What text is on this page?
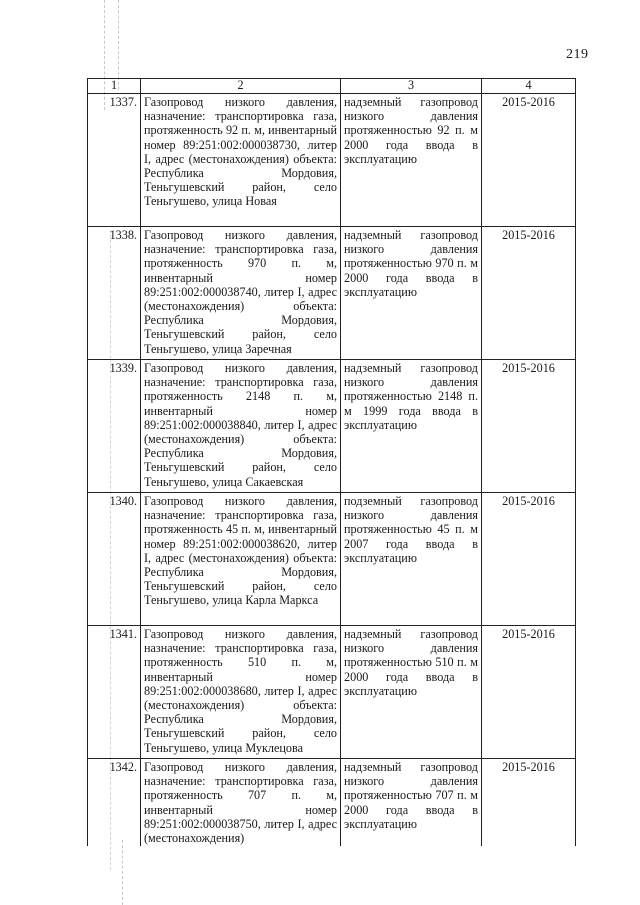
219
1	2	3	4
1337.	Газопровод низкого давления, назначение: транспортировка газа, протяженность 92 п. м, инвентарный номер 89:251:002:000038730, литер I, адрес (местонахождения) объекта: Республика Мордовия, Теньгушевский район, село Теньгушево, улица Новая	надземный газопровод низкого давления протяженностью 92 п. м 2000 года ввода в эксплуатацию	2015-2016
1338.	Газопровод низкого давления, назначение: транспортировка газа, протяженность 970 п. м, инвентарный номер 89:251:002:000038740, литер I, адрес (местонахождения) объекта: Республика Мордовия, Теньгушевский район, село Теньгушево, улица Заречная	надземный газопровод низкого давления протяженностью 970 п. м 2000 года ввода в эксплуатацию	2015-2016
1339.	Газопровод низкого давления, назначение: транспортировка газа, протяженность 2148 п. м, инвентарный номер 89:251:002:000038840, литер I, адрес (местонахождения) объекта: Республика Мордовия, Теньгушевский район, село Теньгушево, улица Сакаевская	надземный газопровод низкого давления протяженностью 2148 п. м 1999 года ввода в эксплуатацию	2015-2016
1340.	Газопровод низкого давления, назначение: транспортировка газа, протяженность 45 п. м, инвентарный номер 89:251:002:000038620, литер I, адрес (местонахождения) объекта: Республика Мордовия, Теньгушевский район, село Теньгушево, улица Карла Маркса	подземный газопровод низкого давления протяженностью 45 п. м 2007 года ввода в эксплуатацию	2015-2016
1341.	Газопровод низкого давления, назначение: транспортировка газа, протяженность 510 п. м, инвентарный номер 89:251:002:000038680, литер I, адрес (местонахождения) объекта: Республика Мордовия, Теньгушевский район, село Теньгушево, улица Муклецова	надземный газопровод низкого давления протяженностью 510 п. м 2000 года ввода в эксплуатацию	2015-2016
1342.	Газопровод низкого давления, назначение: транспортировка газа, протяженность 707 п. м, инвентарный номер 89:251:002:000038750, литер I, адрес (местонахождения)	надземный газопровод низкого давления протяженностью 707 п. м 2000 года ввода в эксплуатацию	2015-2016
